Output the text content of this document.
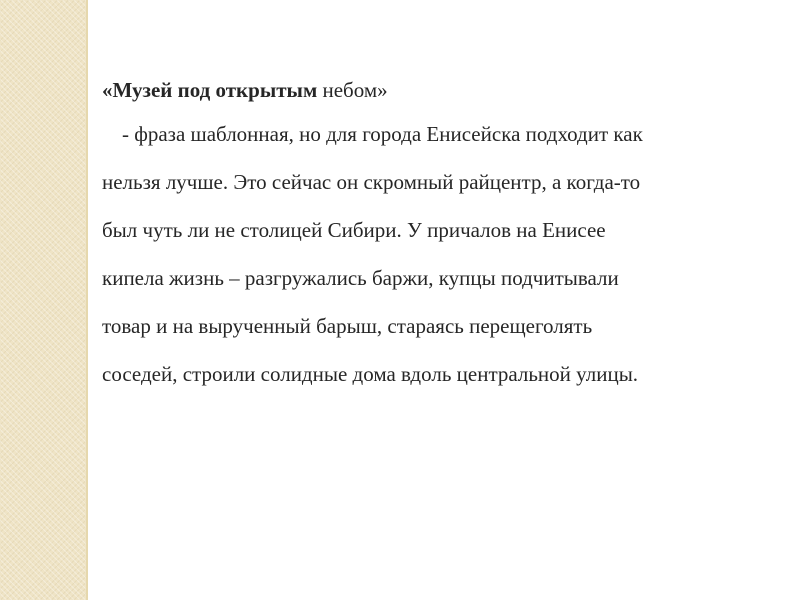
«Музей под открытым небом»
- фраза шаблонная, но для города Енисейска подходит как
нельзя лучше. Это сейчас он скромный райцентр, а когда-то
был чуть ли не столицей Сибири. У причалов на Енисее
кипела жизнь – разгружались баржи, купцы подчитывали
товар и на вырученный барыш, стараясь перещеголять
соседей, строили солидные дома вдоль центральной улицы.
